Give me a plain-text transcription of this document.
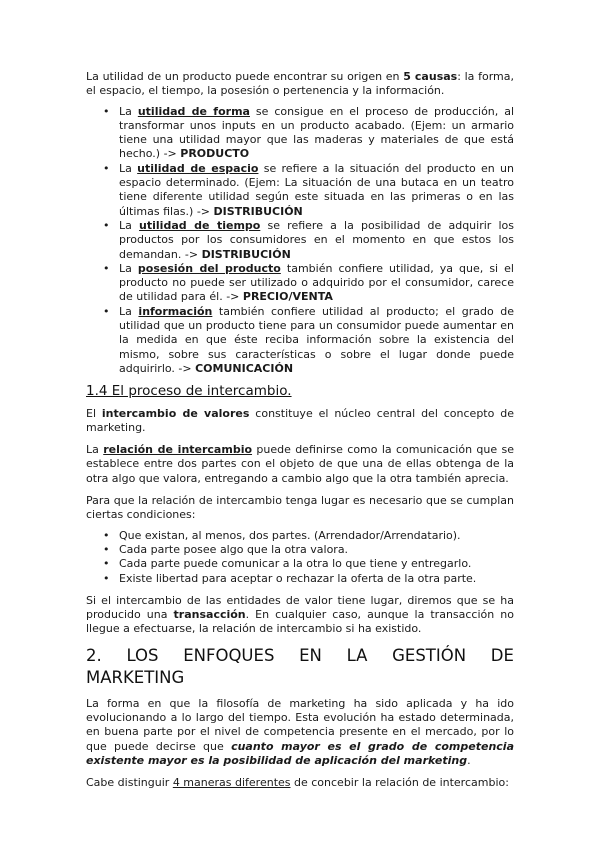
La utilidad de un producto puede encontrar su origen en 5 causas: la forma, el espacio, el tiempo, la posesión o pertenencia y la información.

• La utilidad de forma se consigue en el proceso de producción, al transformar unos inputs en un producto acabado. (Ejem: un armario tiene una utilidad mayor que las maderas y materiales de que está hecho.) -> PRODUCTO
• La utilidad de espacio se refiere a la situación del producto en un espacio determinado. (Ejem: La situación de una butaca en un teatro tiene diferente utilidad según este situada en las primeras o en las últimas filas.) -> DISTRIBUCIÓN
• La utilidad de tiempo se refiere a la posibilidad de adquirir los productos por los consumidores en el momento en que estos los demandan. -> DISTRIBUCIÓN
• La posesión del producto también confiere utilidad, ya que, si el producto no puede ser utilizado o adquirido por el consumidor, carece de utilidad para él. -> PRECIO/VENTA
• La información también confiere utilidad al producto; el grado de utilidad que un producto tiene para un consumidor puede aumentar en la medida en que éste reciba información sobre la existencia del mismo, sobre sus características o sobre el lugar donde puede adquirirlo. -> COMUNICACIÓN
1.4 El proceso de intercambio.

El intercambio de valores constituye el núcleo central del concepto de marketing.

La relación de intercambio puede definirse como la comunicación que se establece entre dos partes con el objeto de que una de ellas obtenga de la otra algo que valora, entregando a cambio algo que la otra también aprecia.

Para que la relación de intercambio tenga lugar es necesario que se cumplan ciertas condiciones:

• Que existan, al menos, dos partes. (Arrendador/Arrendatario).
• Cada parte posee algo que la otra valora.
• Cada parte puede comunicar a la otra lo que tiene y entregarlo.
• Existe libertad para aceptar o rechazar la oferta de la otra parte.

Si el intercambio de las entidades de valor tiene lugar, diremos que se ha producido una transacción. En cualquier caso, aunque la transacción no llegue a efectuarse, la relación de intercambio si ha existido.

2. LOS ENFOQUES EN LA GESTIÓN DE
MARKETING

La forma en que la filosofía de marketing ha sido aplicada y ha ido evolucionando a lo largo del tiempo. Esta evolución ha estado determinada, en buena parte por el nivel de competencia presente en el mercado, por lo que puede decirse que cuanto mayor es el grado de competencia existente mayor es la posibilidad de aplicación del marketing.

Cabe distinguir 4 maneras diferentes de concebir la relación de intercambio:
